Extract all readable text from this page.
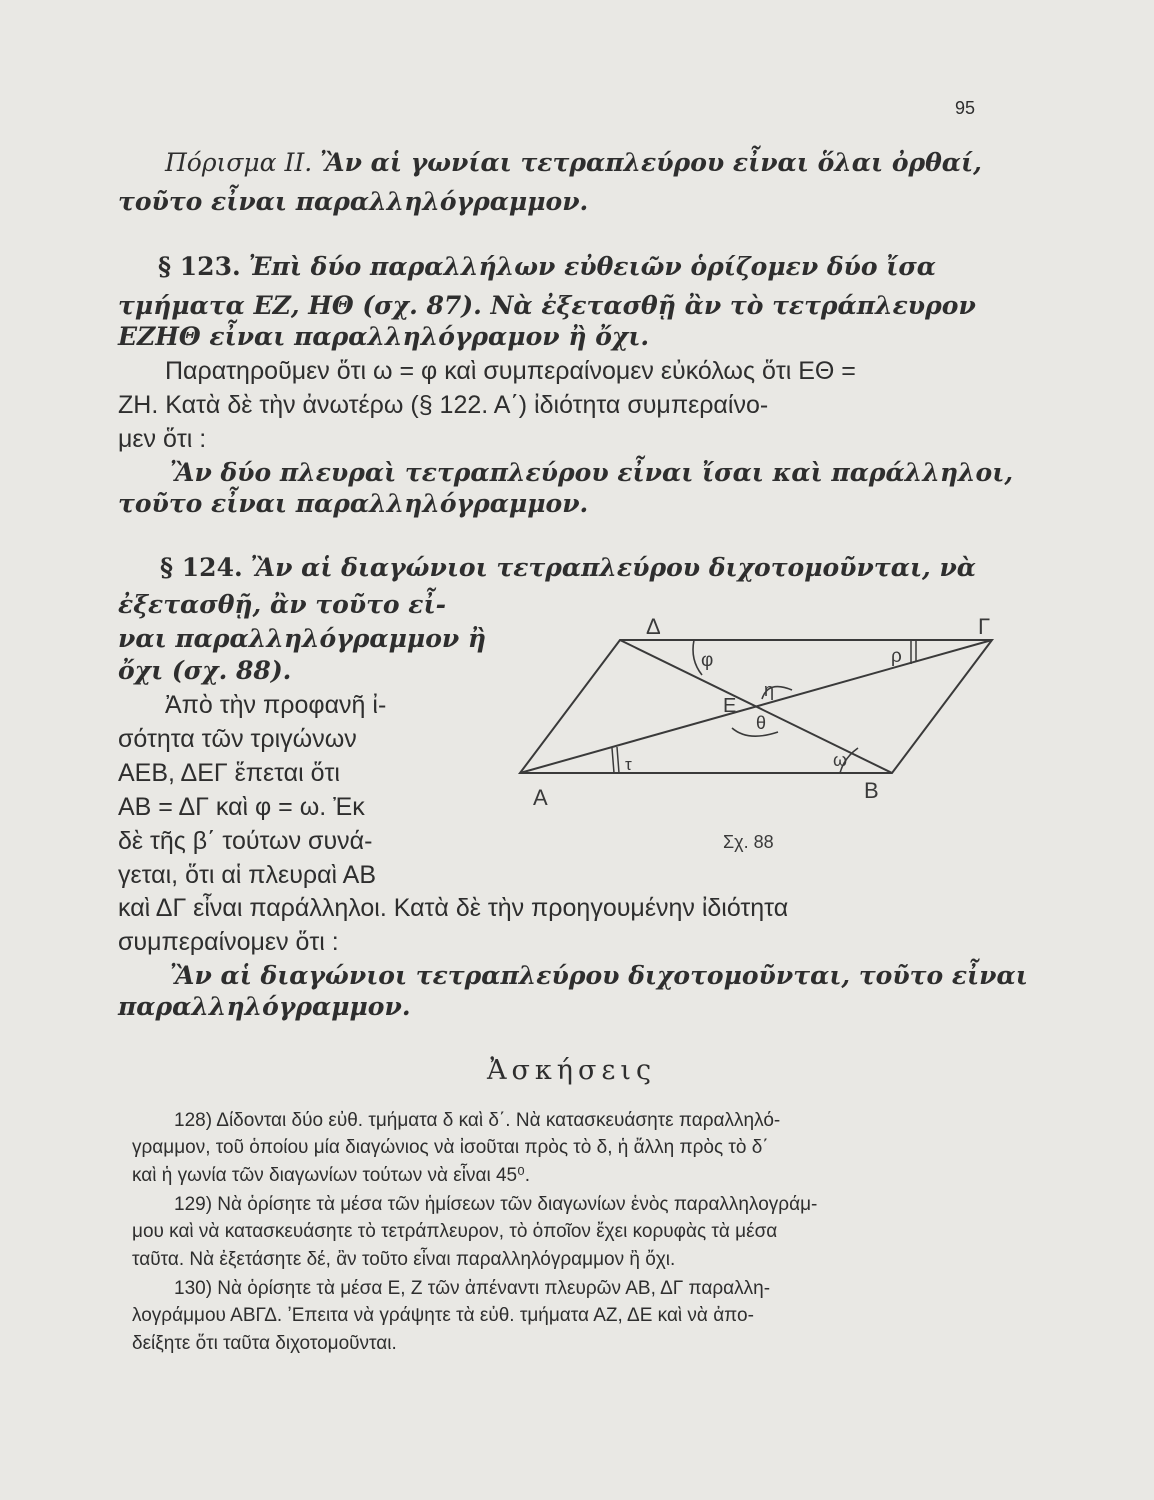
95
Πόρισμα ΙΙ. Ἂν αἱ γωνίαι τετραπλεύρου εἶναι ὅλαι ὀρθαί,
τοῦτο εἶναι παραλληλόγραμμον.
§ 123. Ἐπὶ δύο παραλλήλων εὐθειῶν ὁρίζομεν δύο ἴσα
τμήματα ΕΖ, ΗΘ (σχ. 87). Νὰ ἐξετασθῇ ἂν τὸ τετράπλευρον
ΕΖΗΘ εἶναι παραλληλόγραμον ἢ ὄχι.
Παρατηροῦμεν ὅτι ω = φ καὶ συμπεραίνομεν εὐκόλως ὅτι ΕΘ =
ΖΗ. Κατὰ δὲ τὴν ἀνωτέρω (§ 122. Α΄) ἰδιότητα συμπεραίνο-
μεν ὅτι :
Ἂν δύο πλευραὶ τετραπλεύρου εἶναι ἴσαι καὶ παράλληλοι,
τοῦτο εἶναι παραλληλόγραμμον.
§ 124. Ἂν αἱ διαγώνιοι τετραπλεύρου διχοτομοῦνται, νὰ
ἐξετασθῇ, ἂν τοῦτο εἶ-
ναι παραλληλόγραμμον ἢ
ὄχι (σχ. 88).
Ἀπὸ τὴν προφανῆ ἰ-
σότητα τῶν τριγώνων
ΑΕΒ, ΔΕΓ ἕπεται ὅτι
ΑΒ = ΔΓ καὶ φ = ω. Ἐκ
δὲ τῆς β΄ τούτων συνά-
γεται, ὅτι αἱ πλευραὶ ΑΒ
καὶ ΔΓ εἶναι παράλληλοι. Κατὰ δὲ τὴν προηγουμένην ἰδιότητα
συμπεραίνομεν ὅτι :
Ἂν αἱ διαγώνιοι τετραπλεύρου διχοτομοῦνται, τοῦτο εἶναι
παραλληλόγραμμον.
Δ	Γ
Α	Β
Ε
φ	ρ
η
θ
τ	ω
Σχ. 88
Ἀσκήσεις
128) Δίδονται δύο εὐθ. τμήματα δ καὶ δ΄. Νὰ κατασκευάσητε παραλληλό-
γραμμον, τοῦ ὁποίου μία διαγώνιος νὰ ἰσοῦται πρὸς τὸ δ, ἡ ἄλλη πρὸς τὸ δ΄
καὶ ἡ γωνία τῶν διαγωνίων τούτων νὰ εἶναι 45⁰.
129) Νὰ ὁρίσητε τὰ μέσα τῶν ἡμίσεων τῶν διαγωνίων ἑνὸς παραλληλογράμ-
μου καὶ νὰ κατασκευάσητε τὸ τετράπλευρον, τὸ ὁποῖον ἔχει κορυφὰς τὰ μέσα
ταῦτα. Νὰ ἐξετάσητε δέ, ἂν τοῦτο εἶναι παραλληλόγραμμον ἢ ὄχι.
130) Νὰ ὁρίσητε τὰ μέσα Ε, Ζ τῶν ἀπέναντι πλευρῶν ΑΒ, ΔΓ παραλλη-
λογράμμου ΑΒΓΔ. ʼΕπειτα νὰ γράψητε τὰ εὐθ. τμήματα ΑΖ, ΔΕ καὶ νὰ ἀπο-
δείξητε ὅτι ταῦτα διχοτομοῦνται.
